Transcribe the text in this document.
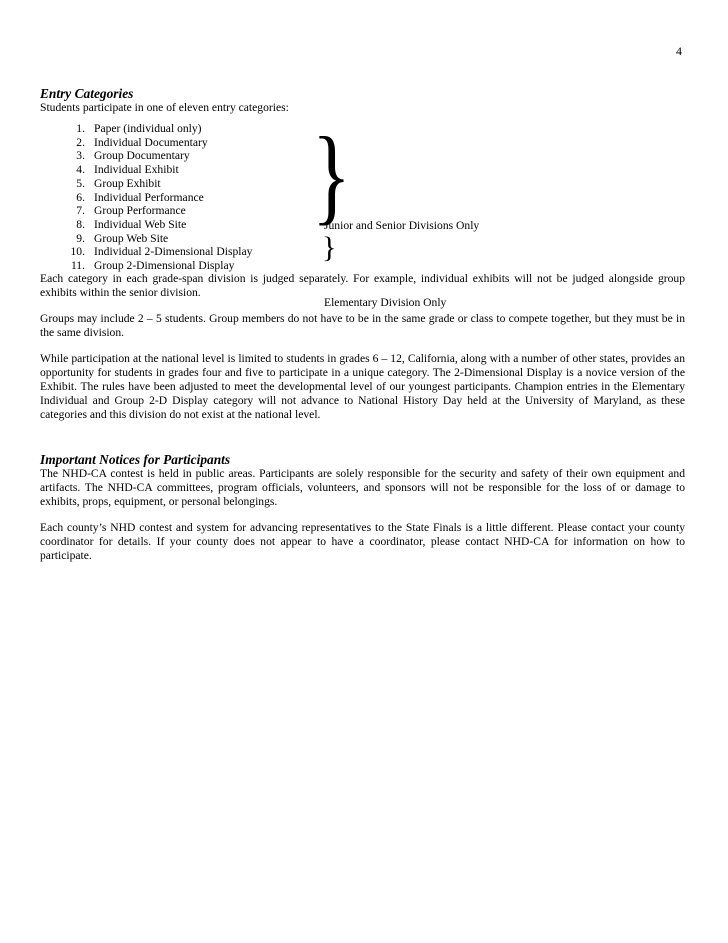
4
Entry Categories

Students participate in one of eleven entry categories:

1. Paper (individual only)
2. Individual Documentary
3. Group Documentary
4. Individual Exhibit
5. Group Exhibit
6. Individual Performance
7. Group Performance
8. Individual Web Site
9. Group Web Site
10. Individual 2-Dimensional Display
11. Group 2-Dimensional Display
}
Junior and Senior Divisions Only
}
Elementary Division Only

Each category in each grade-span division is judged separately. For example, individual exhibits will not be judged alongside group exhibits within the senior division.

Groups may include 2 – 5 students. Group members do not have to be in the same grade or class to compete together, but they must be in the same division.

While participation at the national level is limited to students in grades 6 – 12, California, along with a number of other states, provides an opportunity for students in grades four and five to participate in a unique category. The 2-Dimensional Display is a novice version of the Exhibit. The rules have been adjusted to meet the developmental level of our youngest participants. Champion entries in the Elementary Individual and Group 2-D Display category will not advance to National History Day held at the University of Maryland, as these categories and this division do not exist at the national level.

Important Notices for Participants

The NHD-CA contest is held in public areas. Participants are solely responsible for the security and safety of their own equipment and artifacts. The NHD-CA committees, program officials, volunteers, and sponsors will not be responsible for the loss of or damage to exhibits, props, equipment, or personal belongings.

Each county’s NHD contest and system for advancing representatives to the State Finals is a little different. Please contact your county coordinator for details. If your county does not appear to have a coordinator, please contact NHD-CA for information on how to participate.
